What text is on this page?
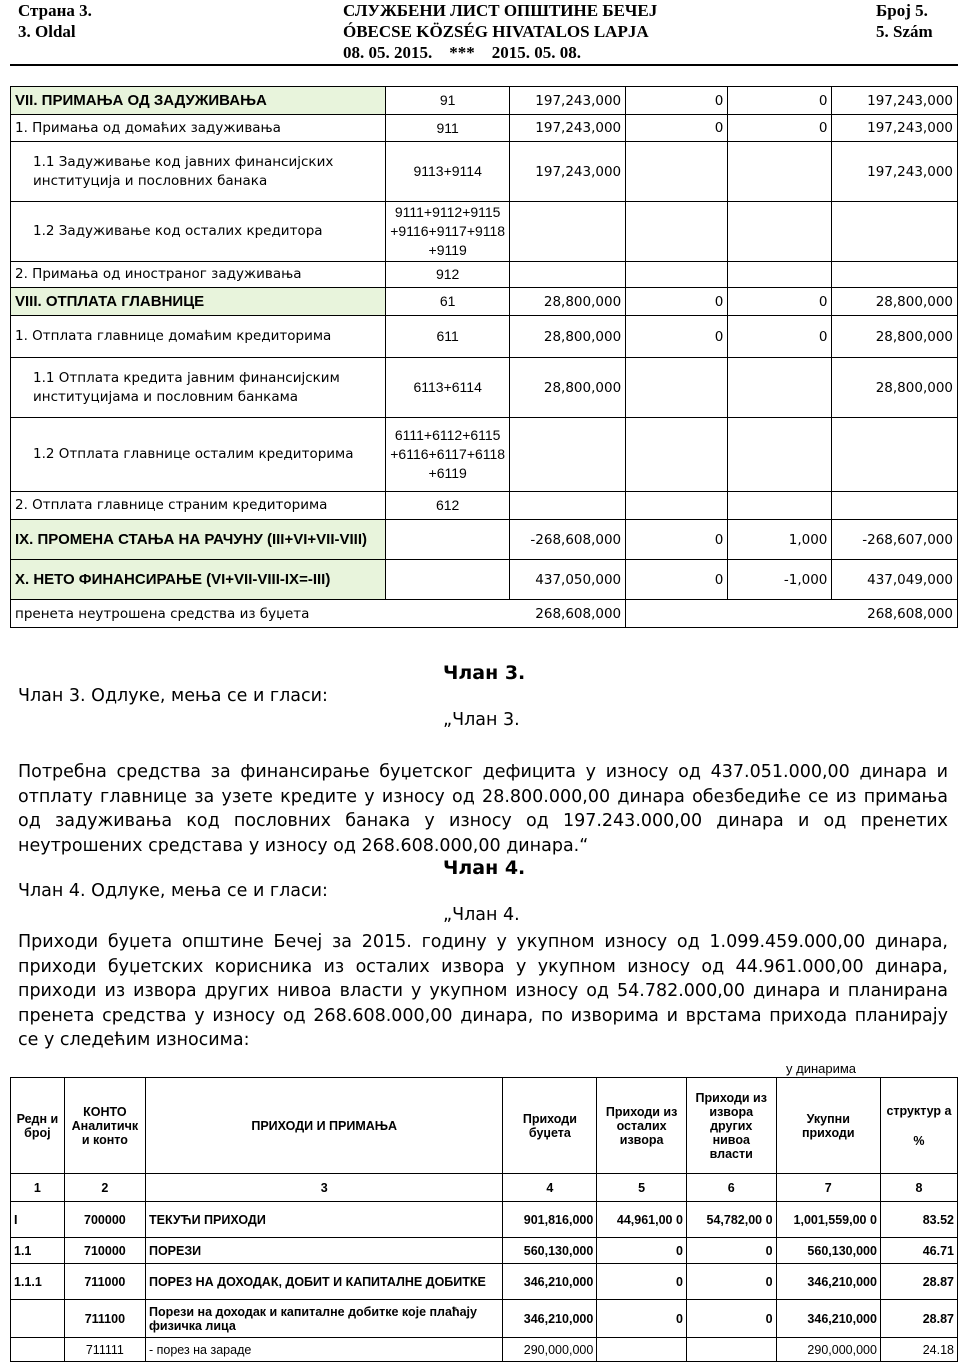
Страна 3.
3. Oldal
СЛУЖБЕНИ ЛИСТ ОПШТИНЕ БЕЧЕЈ
ÓBECSE KÖZSÉG HIVATALOS LAPJA
08. 05. 2015.    ***    2015. 05. 08.
Број 5.
5. Szám
VII. ПРИМАЊА ОД ЗАДУЖИВАЊА	91	197,243,000	0	0	197,243,000
1. Примања од домаћих задуживања	911	197,243,000	0	0	197,243,000
1.1 Задуживање код јавних финансијских институција и пословних банака	9113+9114	197,243,000			197,243,000
1.2 Задуживање код осталих кредитора	9111+9112+9115 +9116+9117+9118 +9119				
2. Примања од иностраног задуживања	912				
VIII. ОТПЛАТА ГЛАВНИЦЕ	61	28,800,000	0	0	28,800,000
1. Отплата главнице домаћим кредиторима	611	28,800,000	0	0	28,800,000
1.1 Отплата кредита јавним финансијским институцијама и пословним банкама	6113+6114	28,800,000			28,800,000
1.2 Отплата главнице осталим кредиторима	6111+6112+6115 +6116+6117+6118 +6119				
2. Отплата главнице страним кредиторима	612				
IX. ПРОМЕНА СТАЊА НА РАЧУНУ (III+VI+VII-VIII)		-268,608,000	0	1,000	-268,607,000
X. НЕТО ФИНАНСИРАЊЕ (VI+VII-VIII-IX=-III)		437,050,000	0	-1,000	437,049,000
пренета неутрошена средства из буџета		268,608,000			268,608,000
Члан 3.
Члан 3. Одлуке, мења се и гласи:
„Члан 3.
Потребна средства за финансирање буџетског дефицита у износу од 437.051.000,00 динара и отплату главнице за узете кредите у износу од 28.800.000,00 динара обезбедиће се из примања од задуживања код пословних банака у износу од 197.243.000,00 динара и од пренетих неутрошених средстава у износу од 268.608.000,00 динара.“
Члан 4.
Члан 4. Одлуке, мења се и гласи:
„Члан 4.
Приходи буџета општине Бечеј за 2015. годину у укупном износу од 1.099.459.000,00 динара, приходи буџетских корисника из осталих извора у укупном износу од 44.961.000,00 динара, приходи из извора других нивоа власти у укупном износу од 54.782.000,00 динара и планирана пренета средства у износу од 268.608.000,00 динара, по изворима и врстама прихода планирају се у следећим износима:
у динарима
Редн и број	КОНТО Аналитичк и конто	ПРИХОДИ И ПРИМАЊА	Приходи буџета	Приходи из осталих извора	Приходи из извора других нивоа власти	Укупни приходи	структур а
%

1	2	3	4	5	6	7	8
I	700000	ТЕКУЋИ ПРИХОДИ	901,816,000	44,961,00 0	54,782,00 0	1,001,559,00 0	83.52
1.1	710000	ПОРЕЗИ	560,130,000	0	0	560,130,000	46.71
1.1.1	711000	ПОРЕЗ НА ДОХОДАК, ДОБИТ И КАПИТАЛНЕ ДОБИТКЕ	346,210,000	0	0	346,210,000	28.87
	711100	Порези на доходак и капиталне добитке које плаћају физичка лица	346,210,000	0	0	346,210,000	28.87
	711111	- порез на зараде	290,000,000			290,000,000	24.18
